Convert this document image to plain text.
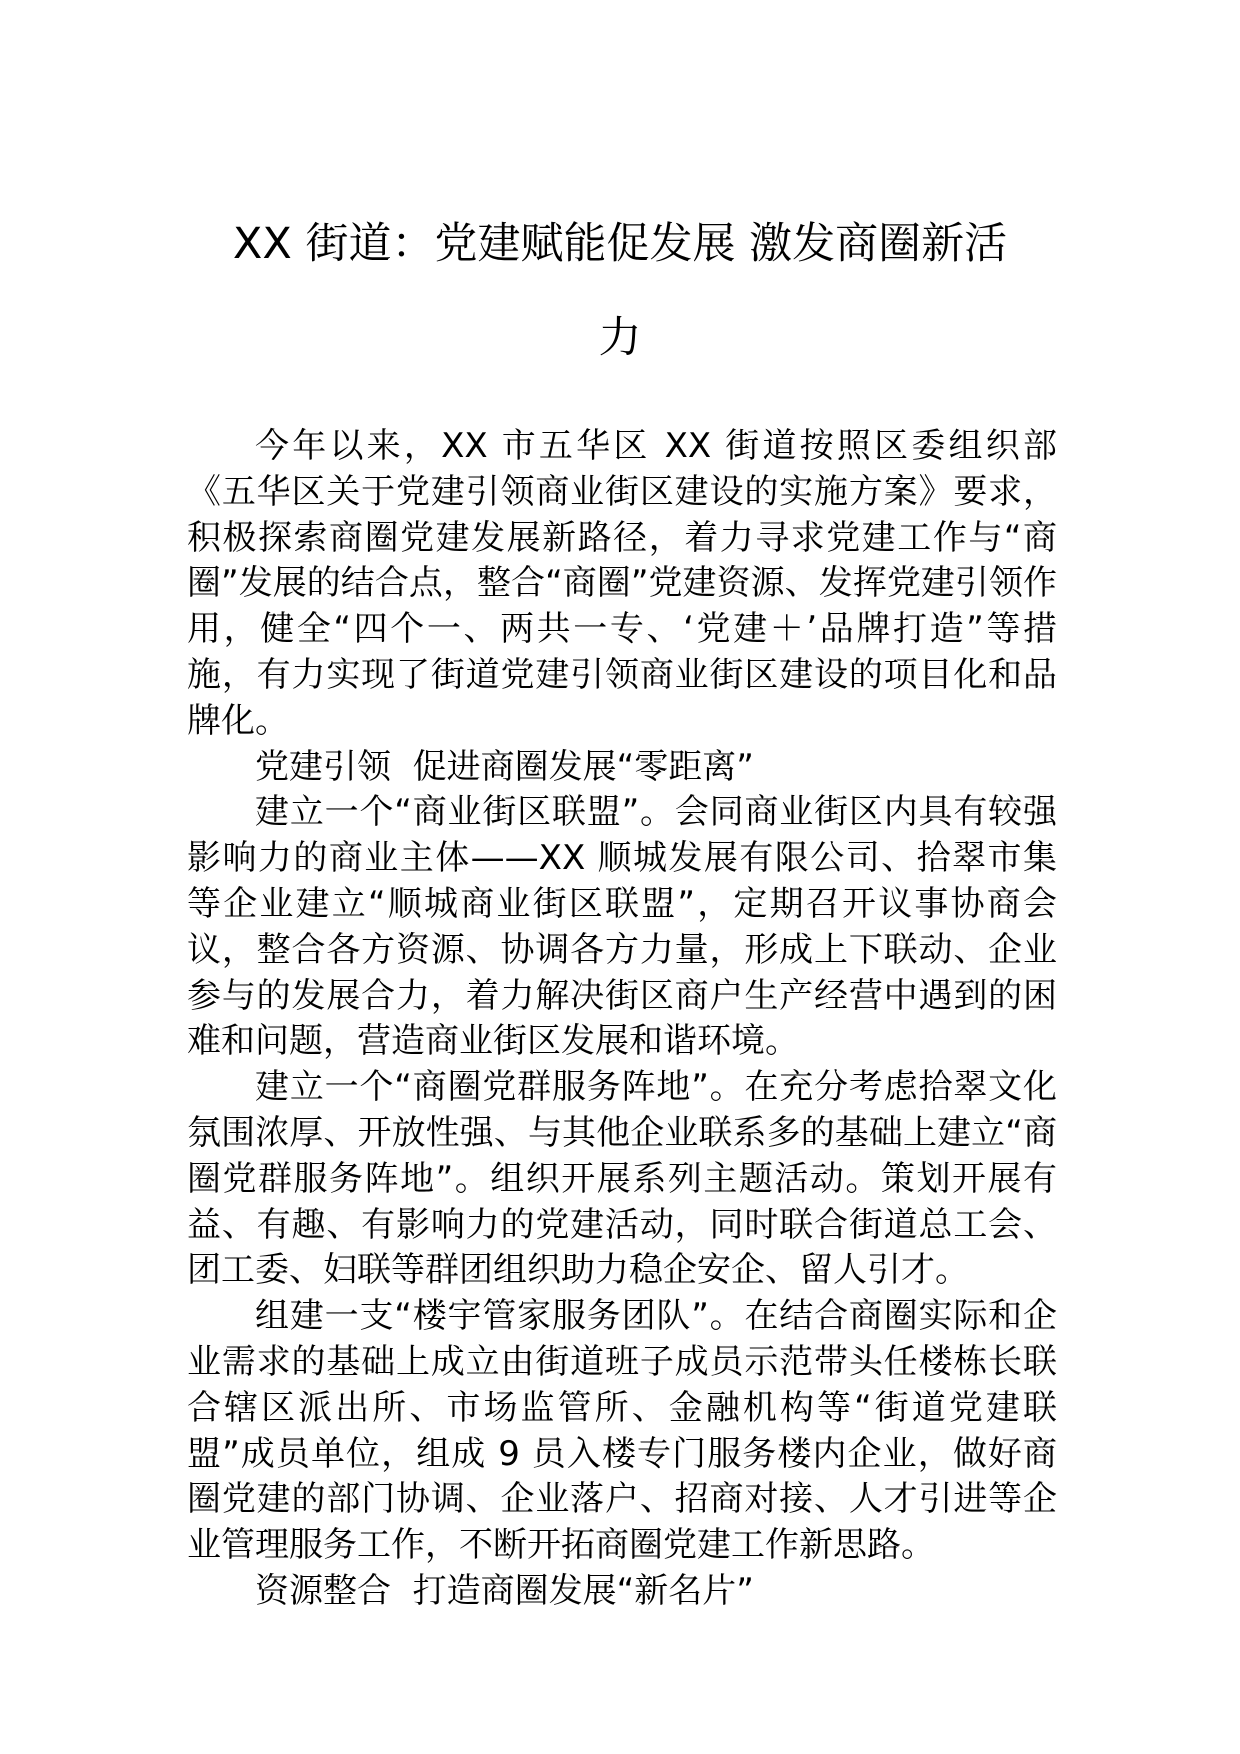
XX 街道：党建赋能促发展 激发商圈新活
力

今年以来，XX 市五华区 XX 街道按照区委组织部《五华区关于党建引领商业街区建设的实施方案》要求，积极探索商圈党建发展新路径，着力寻求党建工作与“商圈”发展的结合点，整合“商圈”党建资源、发挥党建引领作用，健全“四个一、两共一专、‘党建＋’品牌打造”等措施，有力实现了街道党建引领商业街区建设的项目化和品牌化。

党建引领  促进商圈发展“零距离”

建立一个“商业街区联盟”。会同商业街区内具有较强影响力的商业主体——XX 顺城发展有限公司、拾翠市集等企业建立“顺城商业街区联盟”，定期召开议事协商会议，整合各方资源、协调各方力量，形成上下联动、企业参与的发展合力，着力解决街区商户生产经营中遇到的困难和问题，营造商业街区发展和谐环境。

建立一个“商圈党群服务阵地”。在充分考虑拾翠文化氛围浓厚、开放性强、与其他企业联系多的基础上建立“商圈党群服务阵地”。组织开展系列主题活动。策划开展有益、有趣、有影响力的党建活动，同时联合街道总工会、团工委、妇联等群团组织助力稳企安企、留人引才。

组建一支“楼宇管家服务团队”。在结合商圈实际和企业需求的基础上成立由街道班子成员示范带头任楼栋长联合辖区派出所、市场监管所、金融机构等“街道党建联盟”成员单位，组成 9 员入楼专门服务楼内企业，做好商圈党建的部门协调、企业落户、招商对接、人才引进等企业管理服务工作，不断开拓商圈党建工作新思路。

资源整合  打造商圈发展“新名片”
